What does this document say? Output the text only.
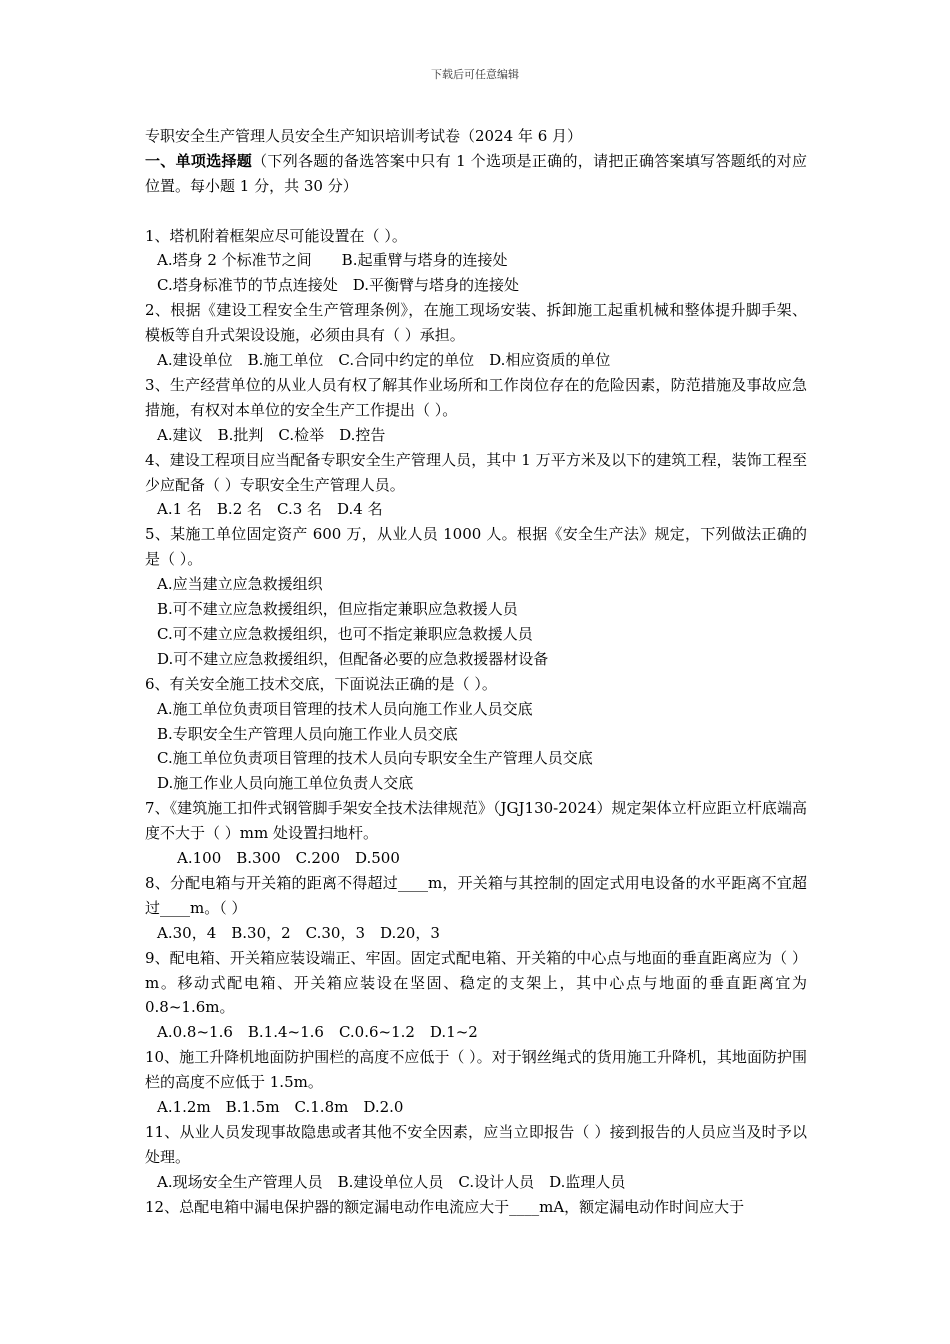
下载后可任意编辑
专职安全生产管理人员安全生产知识培训考试卷（2024 年 6 月）
一、单项选择题（下列各题的备选答案中只有 1 个选项是正确的，请把正确答案填写答题纸的对应位置。每小题 1 分，共 30 分）
1、塔机附着框架应尽可能设置在（ ）。
A.塔身 2 个标准节之间　　B.起重臂与塔身的连接处
C.塔身标准节的节点连接处　D.平衡臂与塔身的连接处
2、根据《建设工程安全生产管理条例》，在施工现场安装、拆卸施工起重机械和整体提升脚手架、模板等自升式架设设施，必须由具有（ ）承担。
A.建设单位　B.施工单位　C.合同中约定的单位　D.相应资质的单位
3、生产经营单位的从业人员有权了解其作业场所和工作岗位存在的危险因素，防范措施及事故应急措施，有权对本单位的安全生产工作提出（ ）。
A.建议　B.批判　C.检举　D.控告
4、建设工程项目应当配备专职安全生产管理人员，其中 1 万平方米及以下的建筑工程，装饰工程至少应配备（ ）专职安全生产管理人员。
A.1 名　B.2 名　C.3 名　D.4 名
5、某施工单位固定资产 600 万，从业人员 1000 人。根据《安全生产法》规定，下列做法正确的是（ ）。
A.应当建立应急救援组织
B.可不建立应急救援组织，但应指定兼职应急救援人员
C.可不建立应急救援组织，也可不指定兼职应急救援人员
D.可不建立应急救援组织，但配备必要的应急救援器材设备
6、有关安全施工技术交底，下面说法正确的是（ ）。
A.施工单位负责项目管理的技术人员向施工作业人员交底
B.专职安全生产管理人员向施工作业人员交底
C.施工单位负责项目管理的技术人员向专职安全生产管理人员交底
D.施工作业人员向施工单位负责人交底
7、《建筑施工扣件式钢管脚手架安全技术法律规范》（JGJ130-2024）规定架体立杆应距立杆底端高度不大于（ ）mm 处设置扫地杆。
A.100　B.300　C.200　D.500
8、分配电箱与开关箱的距离不得超过____m，开关箱与其控制的固定式用电设备的水平距离不宜超过____m。（ ）
A.30，4　B.30，2　C.30，3　D.20，3
9、配电箱、开关箱应装设端正、牢固。固定式配电箱、开关箱的中心点与地面的垂直距离应为（ ）m。移动式配电箱、开关箱应装设在坚固、稳定的支架上，其中心点与地面的垂直距离宜为 0.8~1.6m。
A.0.8~1.6　B.1.4~1.6　C.0.6~1.2　D.1~2
10、施工升降机地面防护围栏的高度不应低于（ ）。对于钢丝绳式的货用施工升降机，其地面防护围栏的高度不应低于 1.5m。
A.1.2m　B.1.5m　C.1.8m　D.2.0
11、从业人员发现事故隐患或者其他不安全因素，应当立即报告（ ）接到报告的人员应当及时予以处理。
A.现场安全生产管理人员　B.建设单位人员　C.设计人员　D.监理人员
12、总配电箱中漏电保护器的额定漏电动作电流应大于____mA，额定漏电动作时间应大于
